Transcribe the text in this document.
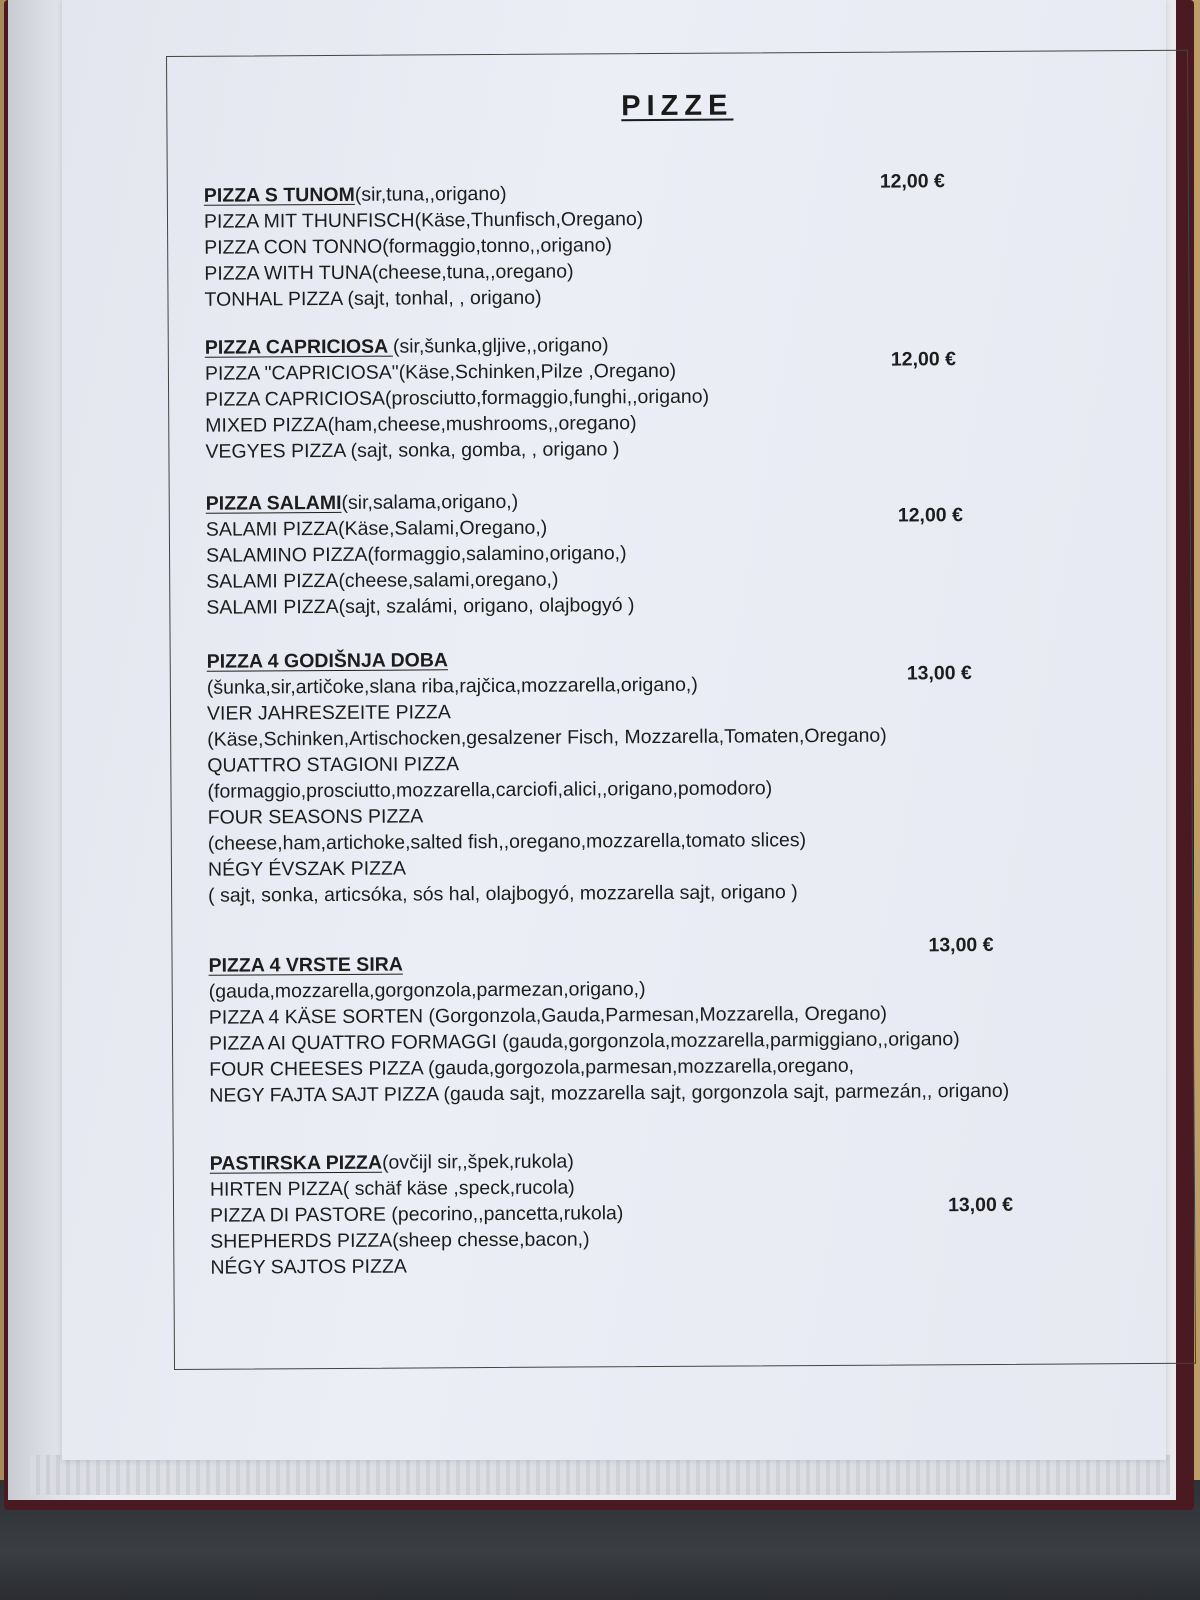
PIZZE
PIZZA S TUNOM(sir,tuna,,origano)
PIZZA MIT THUNFISCH(Käse,Thunfisch,Oregano)
PIZZA CON TONNO(formaggio,tonno,,origano)
PIZZA WITH TUNA(cheese,tuna,,oregano)
TONHAL PIZZA (sajt, tonhal, , origano)
12,00 €
PIZZA CAPRICIOSA (sir,šunka,gljive,,origano)
PIZZA "CAPRICIOSA"(Käse,Schinken,Pilze ,Oregano)
PIZZA CAPRICIOSA(prosciutto,formaggio,funghi,,origano)
MIXED PIZZA(ham,cheese,mushrooms,,oregano)
VEGYES PIZZA (sajt, sonka, gomba, , origano )
12,00 €
PIZZA SALAMI(sir,salama,origano,)
SALAMI PIZZA(Käse,Salami,Oregano,)
SALAMINO PIZZA(formaggio,salamino,origano,)
SALAMI PIZZA(cheese,salami,oregano,)
SALAMI PIZZA(sajt, szalámi, origano, olajbogyó )
12,00 €
PIZZA 4 GODIŠNJA DOBA
(šunka,sir,artičoke,slana riba,rajčica,mozzarella,origano,)
VIER JAHRESZEITE PIZZA
(Käse,Schinken,Artischocken,gesalzener Fisch, Mozzarella,Tomaten,Oregano)
QUATTRO STAGIONI PIZZA
(formaggio,prosciutto,mozzarella,carciofi,alici,,origano,pomodoro)
FOUR SEASONS PIZZA
(cheese,ham,artichoke,salted fish,,oregano,mozzarella,tomato slices)
NÉGY ÉVSZAK PIZZA
( sajt, sonka, articsóka, sós hal, olajbogyó, mozzarella sajt, origano )
13,00 €
PIZZA 4 VRSTE SIRA
(gauda,mozzarella,gorgonzola,parmezan,origano,)
PIZZA 4 KÄSE SORTEN (Gorgonzola,Gauda,Parmesan,Mozzarella, Oregano)
PIZZA AI QUATTRO FORMAGGI (gauda,gorgonzola,mozzarella,parmiggiano,,origano)
FOUR CHEESES PIZZA (gauda,gorgozola,parmesan,mozzarella,oregano,
NEGY FAJTA SAJT PIZZA (gauda sajt, mozzarella sajt, gorgonzola sajt, parmezán,, origano)
13,00 €
PASTIRSKA PIZZA(ovčijl sir,,špek,rukola)
HIRTEN PIZZA( schäf käse ,speck,rucola)
PIZZA DI PASTORE (pecorino,,pancetta,rukola)
SHEPHERDS PIZZA(sheep chesse,bacon,)
NÉGY SAJTOS PIZZA
13,00 €
